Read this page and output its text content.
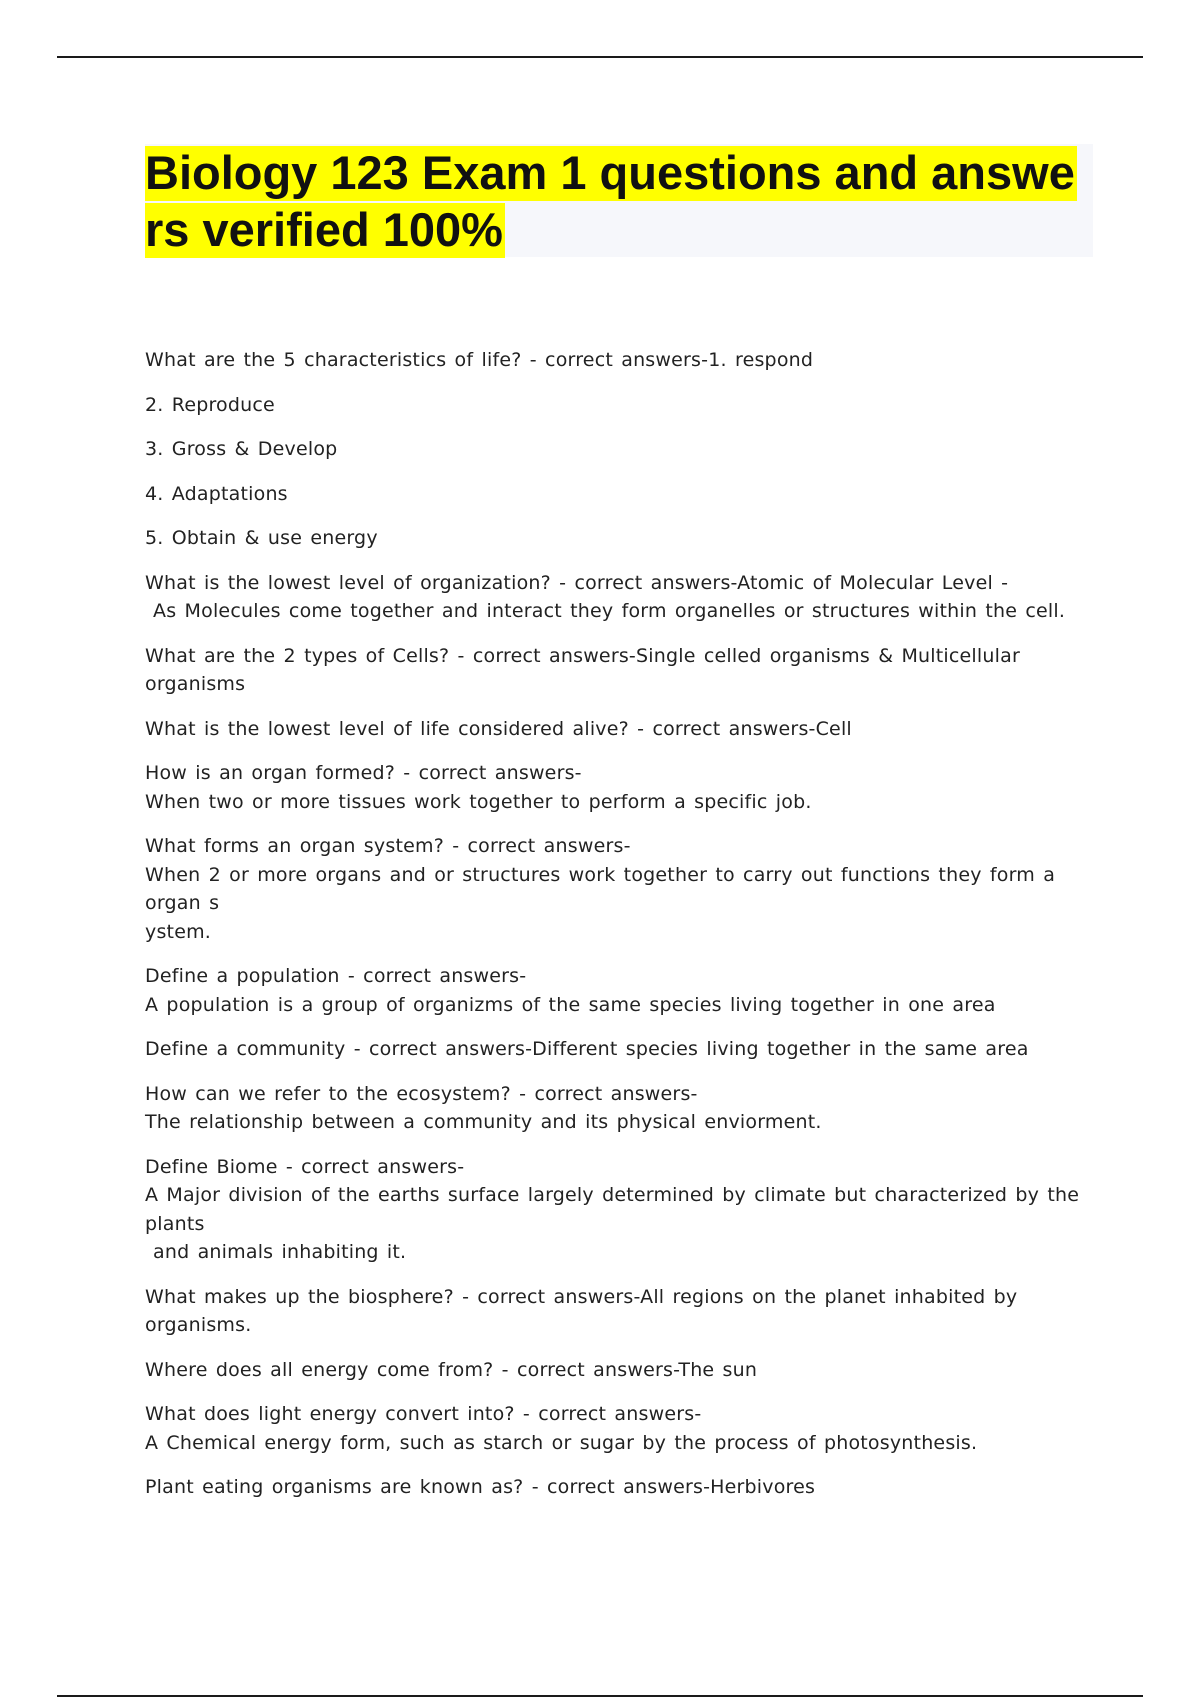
Biology 123 Exam 1 questions and answe
rs verified 100%
What are the 5 characteristics of life? - correct answers-1. respond
2. Reproduce
3. Gross & Develop
4. Adaptations
5. Obtain & use energy
What is the lowest level of organization? - correct answers-Atomic of Molecular Level -
As Molecules come together and interact they form organelles or structures within the cell.
What are the 2 types of Cells? - correct answers-Single celled organisms & Multicellular organisms
What is the lowest level of life considered alive? - correct answers-Cell
How is an organ formed? - correct answers-
When two or more tissues work together to perform a specific job.
What forms an organ system? - correct answers-
When 2 or more organs and or structures work together to carry out functions they form a organ s
ystem.
Define a population - correct answers-
A population is a group of organizms of the same species living together in one area
Define a community - correct answers-Different species living together in the same area
How can we refer to the ecosystem? - correct answers-
The relationship between a community and its physical enviorment.
Define Biome - correct answers-
A Major division of the earths surface largely determined by climate but characterized by the plants
and animals inhabiting it.
What makes up the biosphere? - correct answers-All regions on the planet inhabited by organisms.
Where does all energy come from? - correct answers-The sun
What does light energy convert into? - correct answers-
A Chemical energy form, such as starch or sugar by the process of photosynthesis.
Plant eating organisms are known as? - correct answers-Herbivores
